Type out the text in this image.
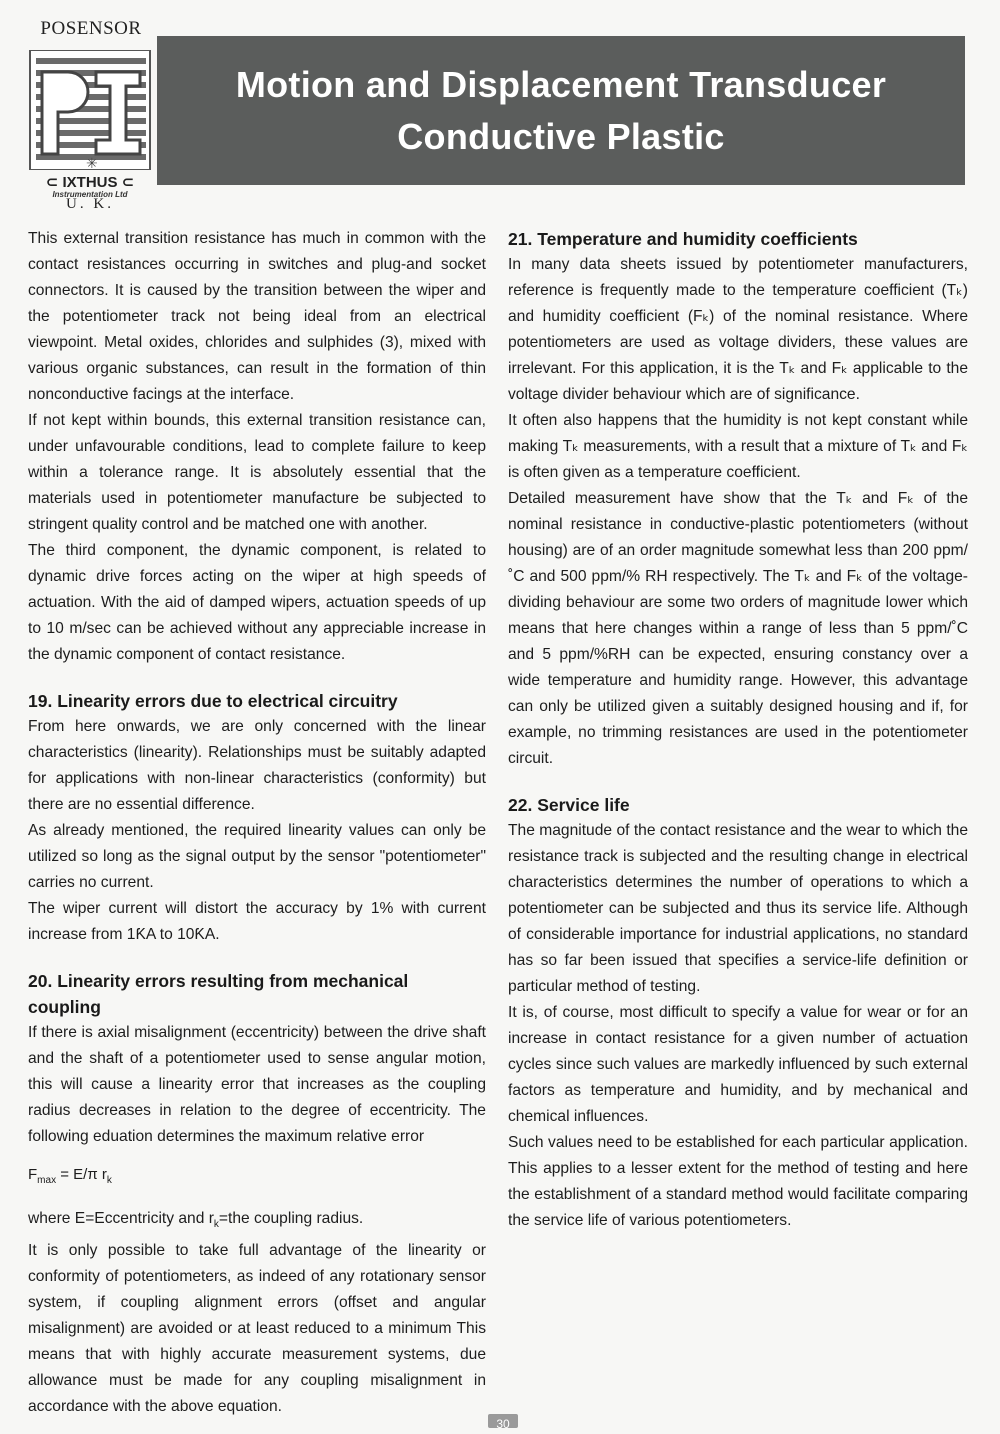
POSENSOR
✳
⊂ IXTHUS ⊂
Instrumentation Ltd
U. K.
Motion and Displacement Transducer
Conductive Plastic

This external transition resistance has much in common with the contact resistances occurring in switches and plug-and socket connectors. It is caused by the transition between the wiper and the potentiometer track not being ideal from an electrical viewpoint. Metal oxides, chlorides and sulphides (3), mixed with various organic substances, can result in the formation of thin nonconductive facings at the interface.

If not kept within bounds, this external transition resistance can, under unfavourable conditions, lead to complete failure to keep within a tolerance range. It is absolutely essential that the materials used in potentiometer manufacture be subjected to stringent quality control and be matched one with another.

The third component, the dynamic component, is related to dynamic drive forces acting on the wiper at high speeds of actuation. With the aid of damped wipers, actuation speeds of up to 10 m/sec can be achieved without any appreciable increase in the dynamic component of contact resistance.

19. Linearity errors due to electrical circuitry

From here onwards, we are only concerned with the linear characteristics (linearity). Relationships must be suitably adapted for applications with non-linear characteristics (conformity) but there are no essential difference.

As already mentioned, the required linearity values can only be utilized so long as the signal output by the sensor "potentiometer" carries no current.

The wiper current will distort the accuracy by 1% with current increase from 1ƘA to 10ƘA.

20. Linearity errors resulting from mechanical coupling

If there is axial misalignment (eccentricity) between the drive shaft and the shaft of a potentiometer used to sense angular motion, this will cause a linearity error that increases as the coupling radius decreases in relation to the degree of eccentricity. The following eduation determines the maximum relative error

$F_{max} = E/\pi$ $r_k$

where E=Eccentricity and $r_k=the$ coupling radius.

It is only possible to take full advantage of the linearity or conformity of potentiometers, as indeed of any rotationary sensor system, if coupling alignment errors (offset and angular misalignment) are avoided or at least reduced to a minimum This means that with highly accurate measurement systems, due allowance must be made for any coupling misalignment in accordance with the above equation.

21. Temperature and humidity coefficients

In many data sheets issued by potentiometer manufacturers, reference is frequently made to the temperature coefficient (Tₖ) and humidity coefficient (Fₖ) of the nominal resistance. Where potentiometers are used as voltage dividers, these values are irrelevant. For this application, it is the Tₖ and Fₖ applicable to the voltage divider behaviour which are of significance.

It often also happens that the humidity is not kept constant while making Tₖ measurements, with a result that a mixture of Tₖ and Fₖ is often given as a temperature coefficient.

Detailed measurement have show that the Tₖ and Fₖ of the nominal resistance in conductive-plastic potentiometers (without housing) are of an order magnitude somewhat less than 200 ppm/˚C and 500 ppm/% RH respectively. The Tₖ and Fₖ of the voltage-dividing behaviour are some two orders of magnitude lower which means that here changes within a range of less than 5 ppm/˚C and 5 ppm/%RH can be expected, ensuring constancy over a wide temperature and humidity range. However, this advantage can only be utilized given a suitably designed housing and if, for example, no trimming resistances are used in the potentiometer circuit.

22. Service life

The magnitude of the contact resistance and the wear to which the resistance track is subjected and the resulting change in electrical characteristics determines the number of operations to which a potentiometer can be subjected and thus its service life. Although of considerable importance for industrial applications, no standard has so far been issued that specifies a service-life definition or particular method of testing.

It is, of course, most difficult to specify a value for wear or for an increase in contact resistance for a given number of actuation cycles since such values are markedly influenced by such external factors as temperature and humidity, and by mechanical and chemical influences.

Such values need to be established for each particular application. This applies to a lesser extent for the method of testing and here the establishment of a standard method would facilitate comparing the service life of various potentiometers.

30
